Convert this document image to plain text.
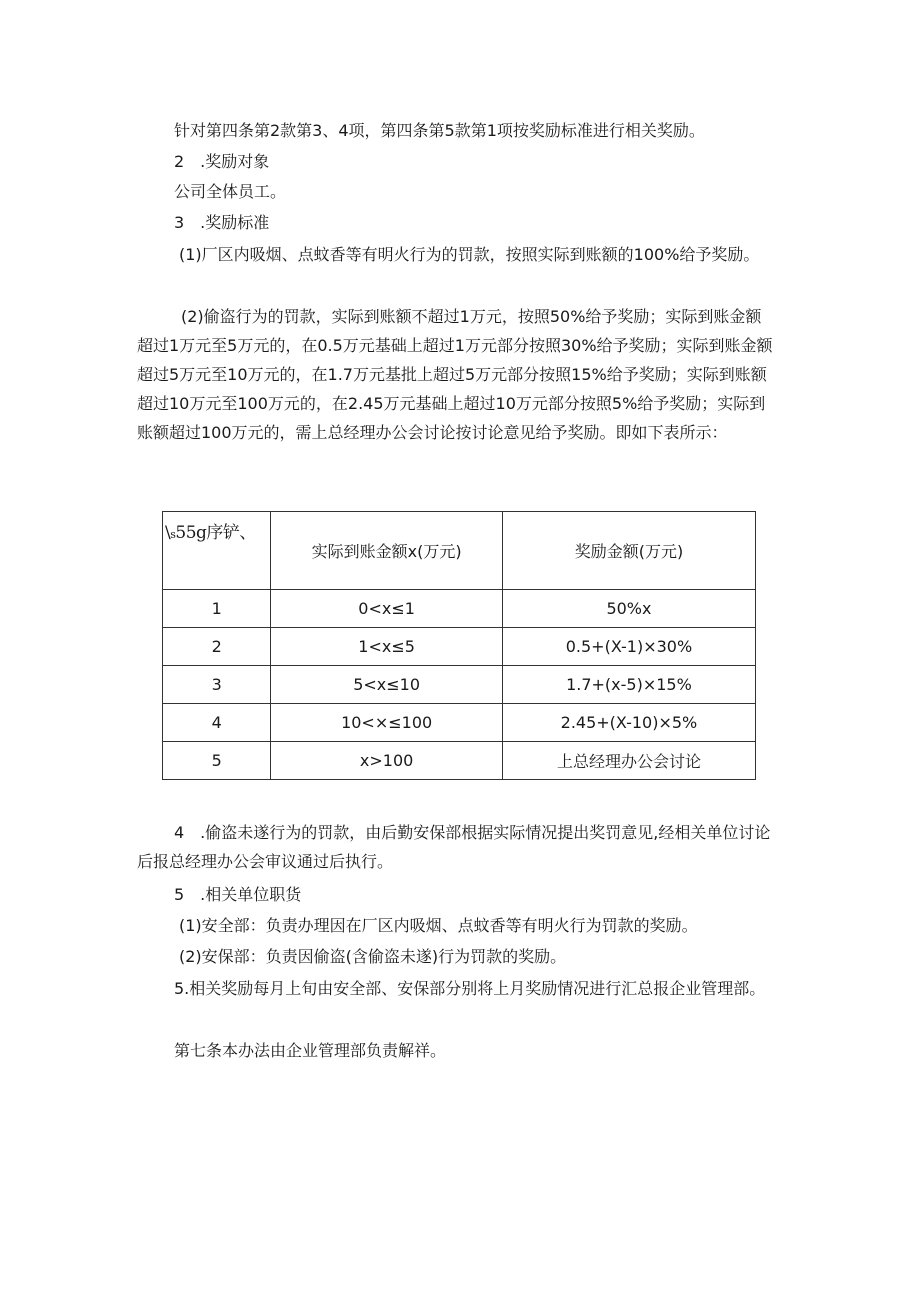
针对第四条第2款第3、4项，第四条第5款第1项按奖励标准进行相关奖励。

2　.奖励对象

公司全体员工。

3　.奖励标准

(1)厂区内吸烟、点蚊香等有明火行为的罚款，按照实际到账额的100%给予奖励。

(2)偷盗行为的罚款，实际到账额不超过1万元，按照50%给予奖励；实际到账金额超过1万元至5万元的，在0.5万元基础上超过1万元部分按照30%给予奖励；实际到账金额超过5万元至10万元的，在1.7万元基批上超过5万元部分按照15%给予奖励；实际到账额超过10万元至100万元的，在2.45万元基础上超过10万元部分按照5%给予奖励；实际到账额超过100万元的，需上总经理办公会讨论按讨论意见给予奖励。即如下表所示：

\s55g序铲、	实际到账金额x(万元)	奖励金额(万元)
1	0<x≤1	50%x
2	1<x≤5	0.5+(X-1)×30%
3	5<x≤10	1.7+(x-5)×15%
4	10<×≤100	2.45+(X-10)×5%
5	x>100	上总经理办公会讨论

4　.偷盗未遂行为的罚款，由后勤安保部根据实际情况提出奖罚意见,经相关单位讨论后报总经理办公会审议通过后执行。

5　.相关单位职货

(1)安全部：负责办理因在厂区内吸烟、点蚊香等有明火行为罚款的奖励。

(2)安保部：负责因偷盗(含偷盗未遂)行为罚款的奖励。

5.相关奖励每月上旬由安全部、安保部分别将上月奖励情况进行汇总报企业管理部。

第七条本办法由企业管理部负责解祥。
